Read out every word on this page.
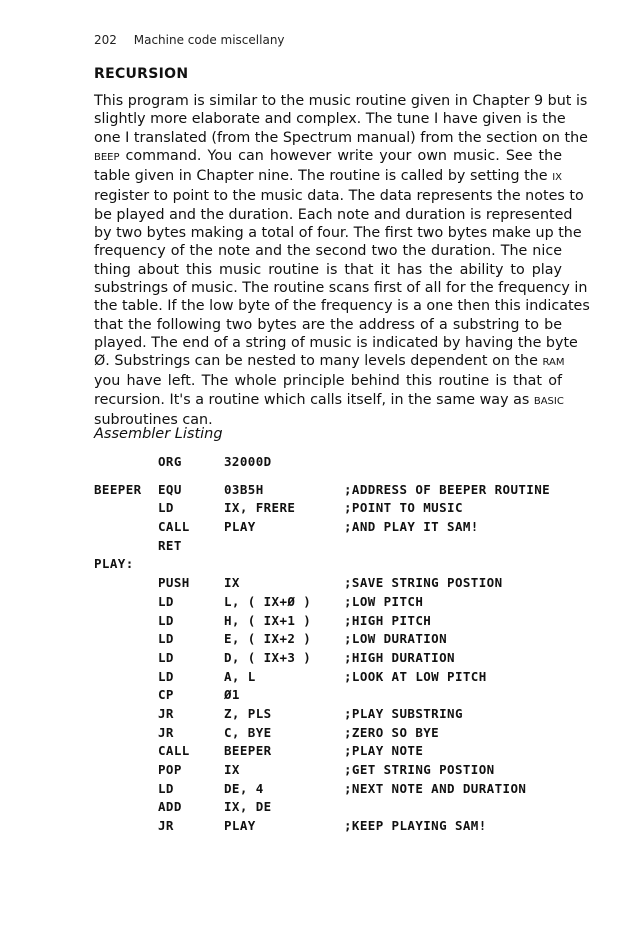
202 Machine code miscellany
RECURSION
This program is similar to the music routine given in Chapter 9 but is
slightly more elaborate and complex. The tune I have given is the
one I translated (from the Spectrum manual) from the section on the
BEEP command. You can however write your own music. See the
table given in Chapter nine. The routine is called by setting the IX
register to point to the music data. The data represents the notes to
be played and the duration. Each note and duration is represented
by two bytes making a total of four. The first two bytes make up the
frequency of the note and the second two the duration. The nice
thing about this music routine is that it has the ability to play
substrings of music. The routine scans first of all for the frequency in
the table. If the low byte of the frequency is a one then this indicates
that the following two bytes are the address of a substring to be
played. The end of a string of music is indicated by having the byte
Ø. Substrings can be nested to many levels dependent on the RAM
you have left. The whole principle behind this routine is that of
recursion. It's a routine which calls itself, in the same way as BASIC
subroutines can.
Assembler Listing
ORG	32000D
BEEPER EQU	03B5H	;ADDRESS OF BEEPER ROUTINE
LD	IX, FRERE	;POINT TO MUSIC
CALL	PLAY	;AND PLAY IT SAM!
RET
PLAY:
PUSH	IX	;SAVE STRING POSTION
LD	L, ( IX+Ø )	;LOW PITCH
LD	H, ( IX+1 )	;HIGH PITCH
LD	E, ( IX+2 )	;LOW DURATION
LD	D, ( IX+3 )	;HIGH DURATION
LD	A, L	;LOOK AT LOW PITCH
CP	Ø1
JR	Z, PLS	;PLAY SUBSTRING
JR	C, BYE	;ZERO SO BYE
CALL	BEEPER	;PLAY NOTE
POP	IX	;GET STRING POSTION
LD	DE, 4	;NEXT NOTE AND DURATION
ADD	IX, DE
JR	PLAY	;KEEP PLAYING SAM!
